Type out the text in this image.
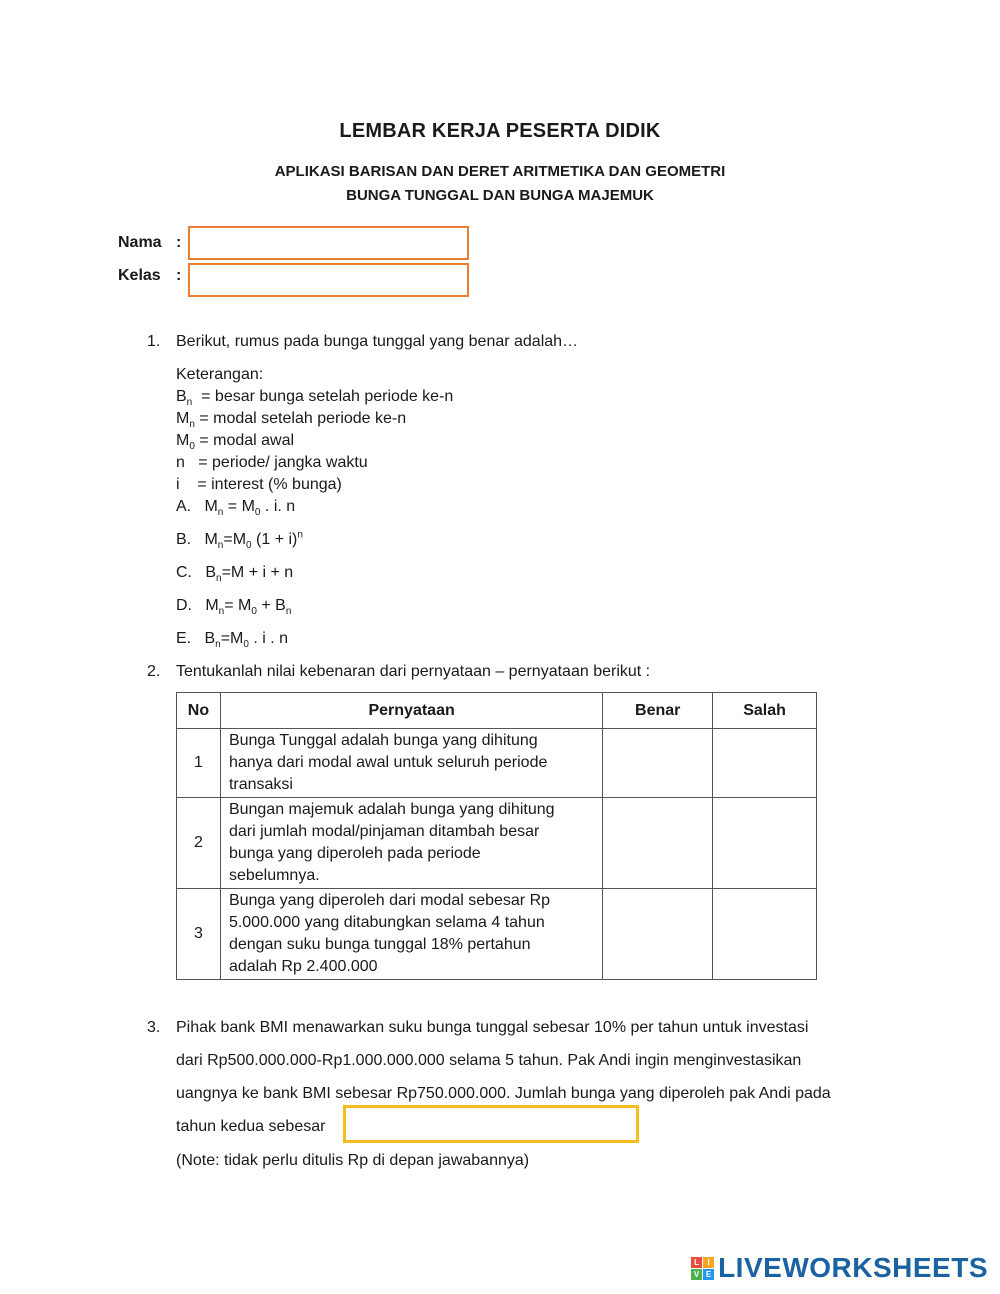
LEMBAR KERJA PESERTA DIDIK
APLIKASI BARISAN DAN DERET ARITMETIKA DAN GEOMETRI
BUNGA TUNGGAL DAN BUNGA MAJEMUK
Nama :
Kelas :
1. Berikut, rumus pada bunga tunggal yang benar adalah…
Keterangan:
$B_n$  = besar bunga setelah periode ke-n
$M_n$ = modal setelah periode ke-n
$M_0$ = modal awal
n   = periode/ jangka waktu
i    = interest (% bunga)
A.   $M_n = M_0$ . i. n
B.   $M_n=M_0$ $(1 + i)^n$
C.   $B_n=M + i + n$
D.   $M_n= M_0 + B_n$
E.   $B_n=M_0$ . i . n
2. Tentukanlah nilai kebenaran dari pernyataan – pernyataan berikut :
No	Pernyataan	Benar	Salah
1	Bunga Tunggal adalah bunga yang dihitung
hanya dari modal awal untuk seluruh periode
transaksi		

2	Bungan majemuk adalah bunga yang dihitung
dari jumlah modal/pinjaman ditambah besar
bunga yang diperoleh pada periode
sebelumnya.		

3	Bunga yang diperoleh dari modal sebesar Rp
5.000.000 yang ditabungkan selama 4 tahun
dengan suku bunga tunggal 18% pertahun
adalah Rp 2.400.000		

3. Pihak bank BMI menawarkan suku bunga tunggal sebesar 10% per tahun untuk investasi
dari Rp500.000.000-Rp1.000.000.000 selama 5 tahun. Pak Andi ingin menginvestasikan
uangnya ke bank BMI sebesar Rp750.000.000. Jumlah bunga yang diperoleh pak Andi pada
tahun kedua sebesar
(Note: tidak perlu ditulis Rp di depan jawabannya)
L	I
V E LIVEWORKSHEETS
